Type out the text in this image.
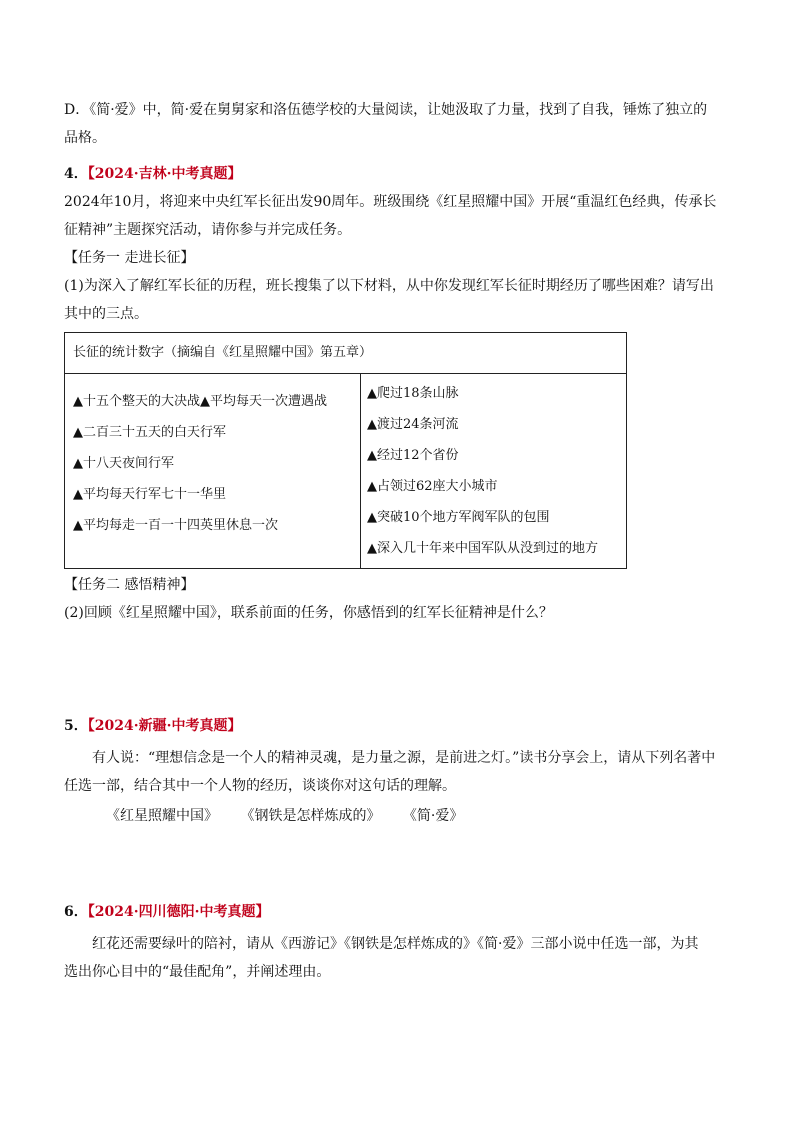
D．《简·爱》中，简·爱在舅舅家和洛伍德学校的大量阅读，让她汲取了力量，找到了自我，锤炼了独立的

品格。

4．【2024·吉林·中考真题】

2024年10月，将迎来中央红军长征出发90周年。班级围绕《红星照耀中国》开展“重温红色经典，传承长

征精神”主题探究活动，请你参与并完成任务。

【任务一 走进长征】

(1)为深入了解红军长征的历程，班长搜集了以下材料，从中你发现红军长征时期经历了哪些困难？请写出

其中的三点。

长征的统计数字（摘编自《红星照耀中国》第五章）
▲十五个整天的大决战▲平均每天一次遭遇战
▲二百三十五天的白天行军
▲十八天夜间行军
▲平均每天行军七十一华里
▲平均每走一百一十四英里休息一次
▲爬过18条山脉
▲渡过24条河流
▲经过12个省份
▲占领过62座大小城市
▲突破10个地方军阀军队的包围
▲深入几十年来中国军队从没到过的地方

【任务二 感悟精神】

(2)回顾《红星照耀中国》，联系前面的任务，你感悟到的红军长征精神是什么？

5．【2024·新疆·中考真题】

有人说：“理想信念是一个人的精神灵魂，是力量之源，是前进之灯。”读书分享会上，请从下列名著中

任选一部，结合其中一个人物的经历，谈谈你对这句话的理解。

《红星照耀中国》 《钢铁是怎样炼成的》 《简·爱》

6．【2024·四川德阳·中考真题】

红花还需要绿叶的陪衬，请从《西游记》《钢铁是怎样炼成的》《简·爱》三部小说中任选一部，为其

选出你心目中的“最佳配角”，并阐述理由。
